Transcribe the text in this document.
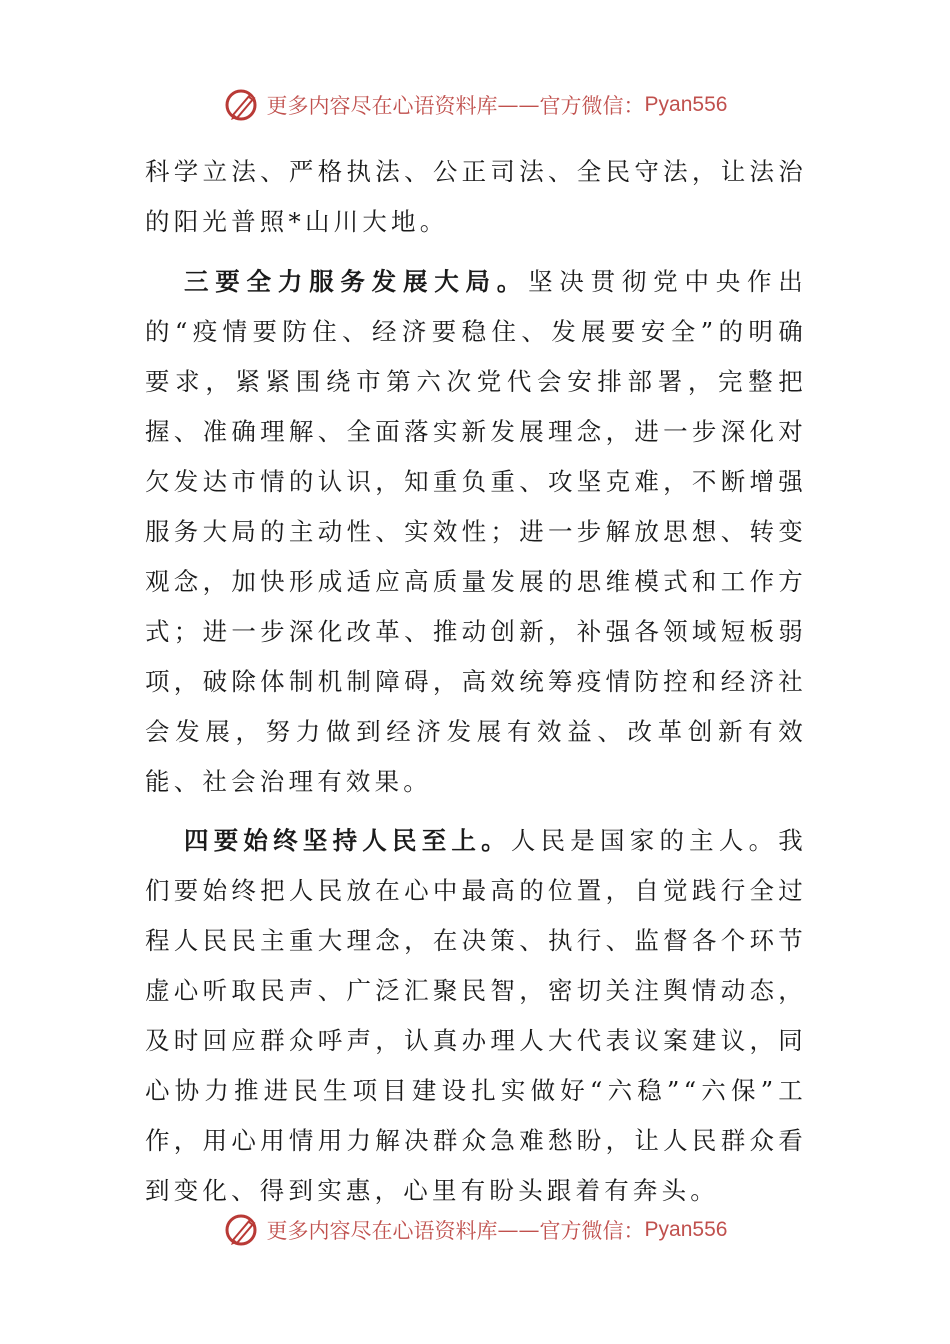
更多内容尽在心语资料库 —— 官方微信： Pyan556

科学立法、严格执法、公正司法、全民守法，让法治的阳光普照*山川大地。

三要全力服务发展大局。坚决贯彻党中央作出的“疫情要防住、经济要稳住、发展要安全”的明确要求，紧紧围绕市第六次党代会安排部署，完整把握、准确理解、全面落实新发展理念，进一步深化对欠发达市情的认识，知重负重、攻坚克难，不断增强服务大局的主动性、实效性；进一步解放思想、转变观念，加快形成适应高质量发展的思维模式和工作方式；进一步深化改革、推动创新，补强各领域短板弱项，破除体制机制障碍，高效统筹疫情防控和经济社会发展，努力做到经济发展有效益、改革创新有效能、社会治理有效果。

四要始终坚持人民至上。人民是国家的主人。我们要始终把人民放在心中最高的位置，自觉践行全过程人民民主重大理念，在决策、执行、监督各个环节虚心听取民声、广泛汇聚民智，密切关注舆情动态，及时回应群众呼声，认真办理人大代表议案建议，同心协力推进民生项目建设扎实做好“六稳”“六保”工作，用心用情用力解决群众急难愁盼，让人民群众看到变化、得到实惠，心里有盼头跟着有奔头。

更多内容尽在心语资料库 —— 官方微信： Pyan556
